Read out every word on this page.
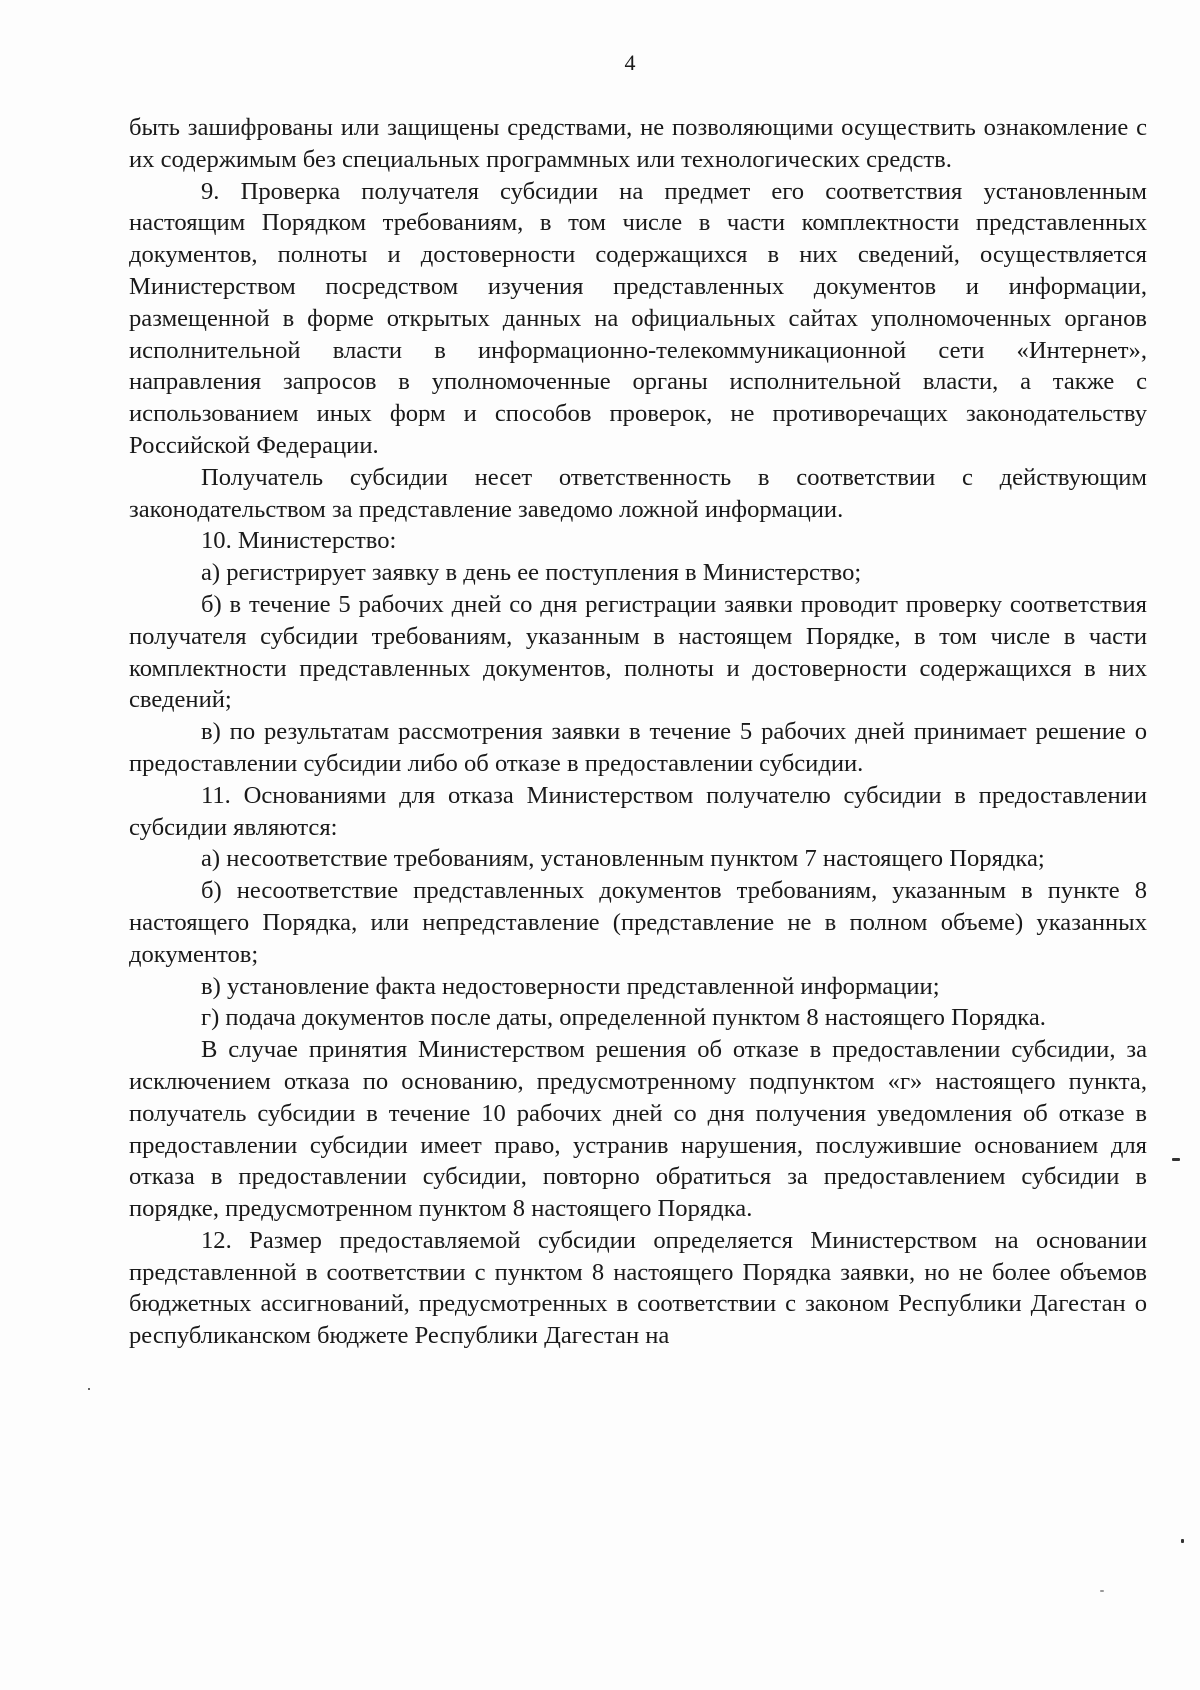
4

быть зашифрованы или защищены средствами, не позволяющими осуществить ознакомление с их содержимым без специальных программных или технологических средств.

9. Проверка получателя субсидии на предмет его соответствия установленным настоящим Порядком требованиям, в том числе в части комплектности представленных документов, полноты и достоверности содержащихся в них сведений, осуществляется Министерством посредством изучения представленных документов и информации, размещенной в форме открытых данных на официальных сайтах уполномоченных органов исполнительной власти в информационно-телекоммуникационной сети «Интернет», направления запросов в уполномоченные органы исполнительной власти, а также с использованием иных форм и способов проверок, не противоречащих законодательству Российской Федерации.

Получатель субсидии несет ответственность в соответствии с действующим законодательством за представление заведомо ложной информации.

10. Министерство:

а) регистрирует заявку в день ее поступления в Министерство;

б) в течение 5 рабочих дней со дня регистрации заявки проводит проверку соответствия получателя субсидии требованиям, указанным в настоящем Порядке, в том числе в части комплектности представленных документов, полноты и достоверности содержащихся в них сведений;

в) по результатам рассмотрения заявки в течение 5 рабочих дней принимает решение о предоставлении субсидии либо об отказе в предоставлении субсидии.

11. Основаниями для отказа Министерством получателю субсидии в предоставлении субсидии являются:

а) несоответствие требованиям, установленным пунктом 7 настоящего Порядка;

б) несоответствие представленных документов требованиям, указанным в пункте 8 настоящего Порядка, или непредставление (представление не в полном объеме) указанных документов;

в) установление факта недостоверности представленной информации;

г) подача документов после даты, определенной пунктом 8 настоящего Порядка.

В случае принятия Министерством решения об отказе в предоставлении субсидии, за исключением отказа по основанию, предусмотренному подпунктом «г» настоящего пункта, получатель субсидии в течение 10 рабочих дней со дня получения уведомления об отказе в предоставлении субсидии имеет право, устранив нарушения, послужившие основанием для отказа в предоставлении субсидии, повторно обратиться за предоставлением субсидии в порядке, предусмотренном пунктом 8 настоящего Порядка.

12. Размер предоставляемой субсидии определяется Министерством на основании представленной в соответствии с пунктом 8 настоящего Порядка заявки, но не более объемов бюджетных ассигнований, предусмотренных в соответствии с законом Республики Дагестан о республиканском бюджете Республики Дагестан на
